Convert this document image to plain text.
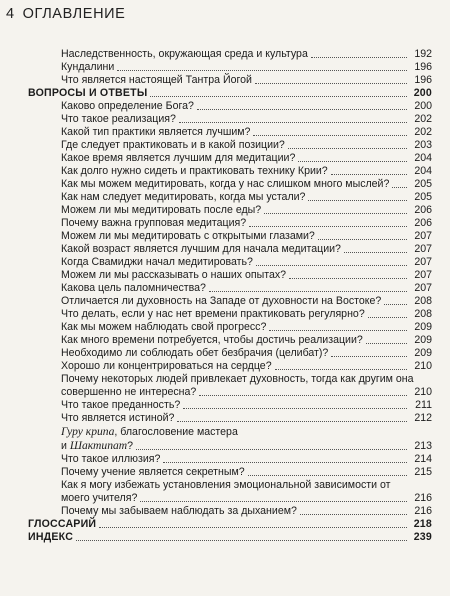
4 ОГЛАВЛЕНИЕ
Наследственность, окружающая среда и культура	192
Кундалини	196
Что является настоящей Тантра Йогой	196
ВОПРОСЫ И ОТВЕТЫ	200
Каково определение Бога?	200
Что такое реализация?	202
Какой тип практики является лучшим?	202
Где следует практиковать и в какой позиции?	203
Какое время является лучшим для медитации?	204
Как долго нужно сидеть и практиковать технику Крии?	204
Как мы можем медитировать, когда у нас слишком много мыслей?	205
Как нам следует медитировать, когда мы устали?	205
Можем ли мы медитировать после еды?	206
Почему важна групповая медитация?	206
Можем ли мы медитировать с открытыми глазами?	207
Какой возраст является лучшим для начала медитации?	207
Когда Свамиджи начал медитировать?	207
Можем ли мы рассказывать о наших опытах?	207
Какова цель паломничества?	207
Отличается ли духовность на Западе от духовности на Востоке?	208
Что делать, если у нас нет времени практиковать регулярно?	208
Как мы можем наблюдать свой прогресс?	209
Как много времени потребуется, чтобы достичь реализации?	209
Необходимо ли соблюдать обет безбрачия (целибат)?	209
Хорошо ли концентрироваться на сердце?	210
Почему некоторых людей привлекает духовность, тогда как другим она
совершенно не интересна?	210
Что такое преданность?	211
Что является истиной?	212
Гуру крипа, благословение мастера
и Шактипат?	213
Что такое иллюзия?	214
Почему учение является секретным?	215
Как я могу избежать установления эмоциональной зависимости от
моего учителя?	216
Почему мы забываем наблюдать за дыханием?	216
ГЛОССАРИЙ	218
ИНДЕКС	239
